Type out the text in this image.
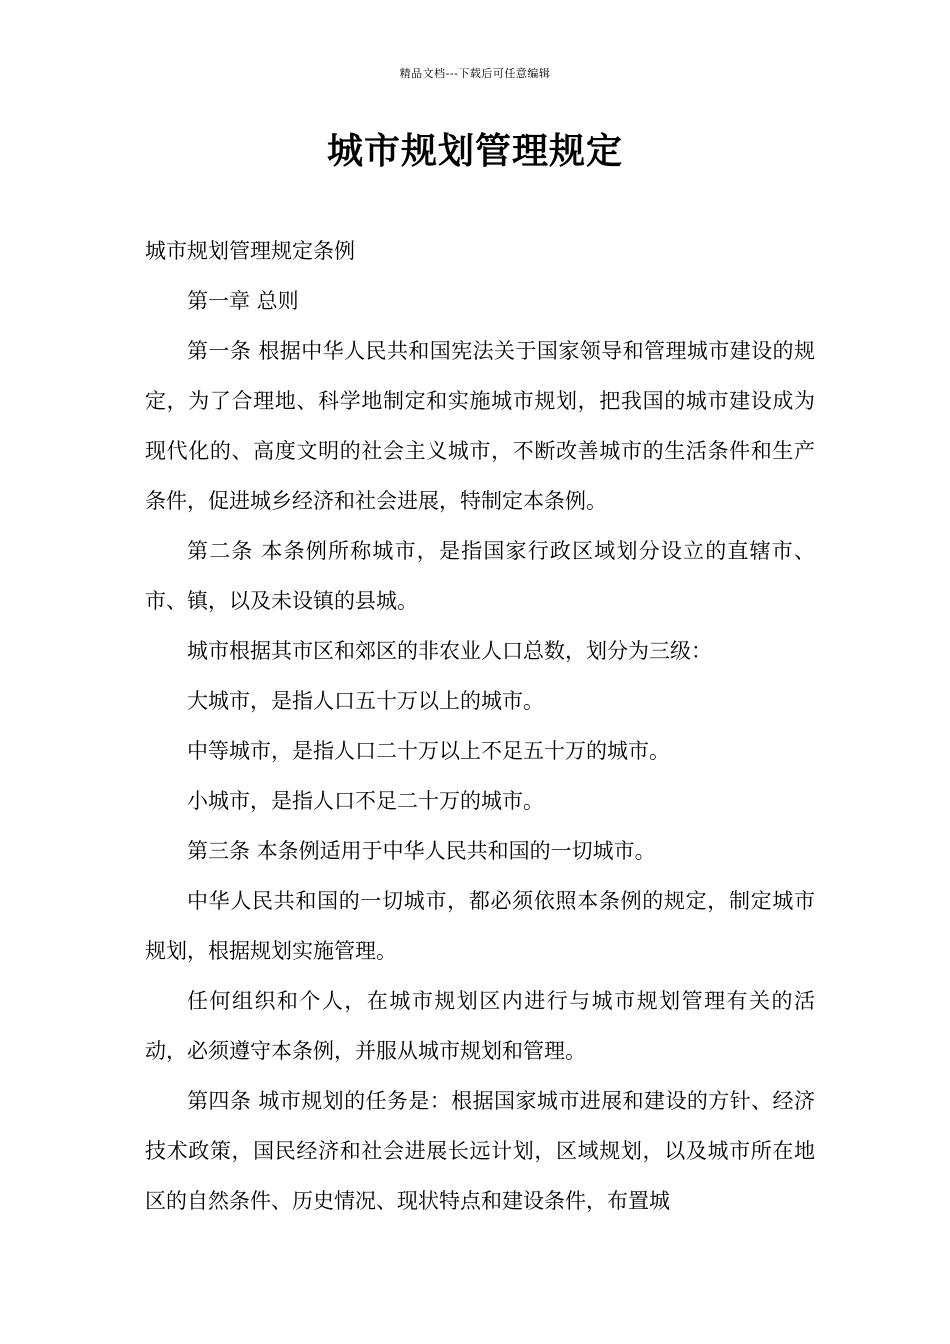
精品文档---下载后可任意编辑
城市规划管理规定

城市规划管理规定条例

第一章 总则

第一条 根据中华人民共和国宪法关于国家领导和管理城市建设的规定，为了合理地、科学地制定和实施城市规划，把我国的城市建设成为现代化的、高度文明的社会主义城市，不断改善城市的生活条件和生产条件，促进城乡经济和社会进展，特制定本条例。

第二条 本条例所称城市，是指国家行政区域划分设立的直辖市、市、镇，以及未设镇的县城。

城市根据其市区和郊区的非农业人口总数，划分为三级：

大城市，是指人口五十万以上的城市。

中等城市，是指人口二十万以上不足五十万的城市。

小城市，是指人口不足二十万的城市。

第三条 本条例适用于中华人民共和国的一切城市。

中华人民共和国的一切城市，都必须依照本条例的规定，制定城市规划，根据规划实施管理。

任何组织和个人，在城市规划区内进行与城市规划管理有关的活动，必须遵守本条例，并服从城市规划和管理。

第四条 城市规划的任务是：根据国家城市进展和建设的方针、经济技术政策，国民经济和社会进展长远计划，区域规划，以及城市所在地区的自然条件、历史情况、现状特点和建设条件，布置城
